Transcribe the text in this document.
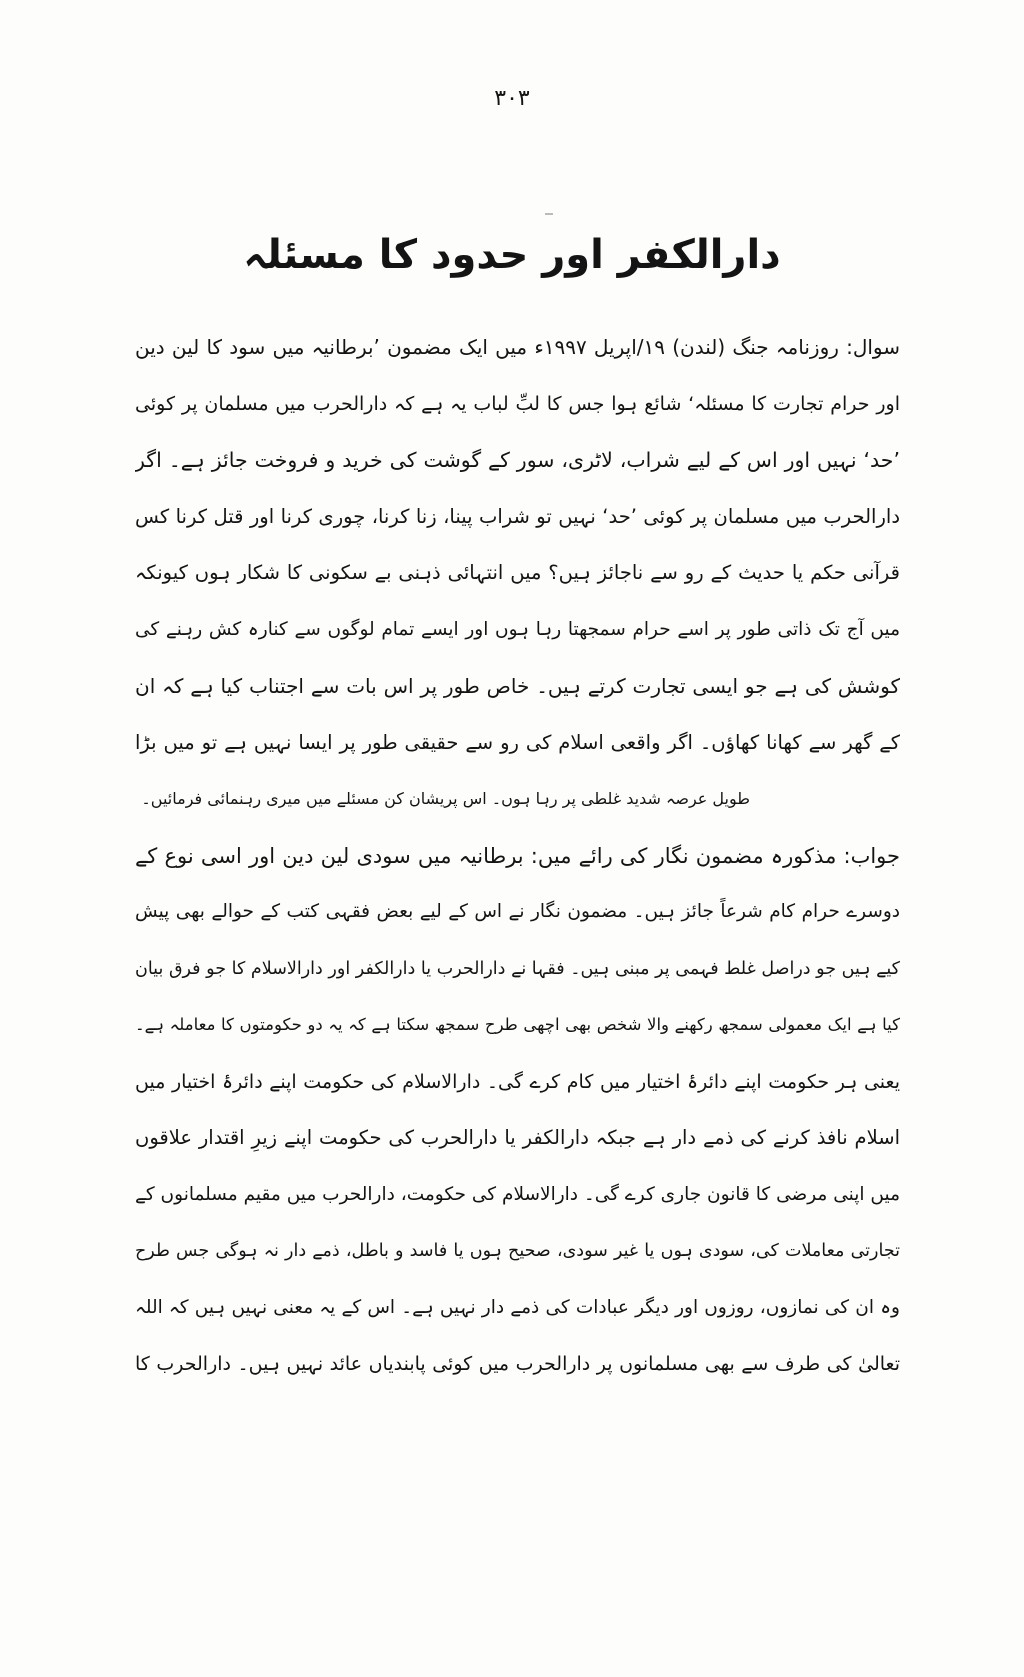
۳۰۳
دارالکفر اور حدود کا مسئلہ
سوال: روزنامہ جنگ (لندن) ۱۹/اپریل ۱۹۹۷ء میں ایک مضمون ’برطانیہ میں سود کا لین دین
اور حرام تجارت کا مسئلہ‘ شائع ہوا جس کا لبِّ لباب یہ ہے کہ دارالحرب میں مسلمان پر کوئی
’حد‘ نہیں اور اس کے لیے شراب، لاٹری، سور کے گوشت کی خرید و فروخت جائز ہے۔ اگر
دارالحرب میں مسلمان پر کوئی ’حد‘ نہیں تو شراب پینا، زنا کرنا، چوری کرنا اور قتل کرنا کس
قرآنی حکم یا حدیث کے رو سے ناجائز ہیں؟ میں انتہائی ذہنی بے سکونی کا شکار ہوں کیونکہ
میں آج تک ذاتی طور پر اسے حرام سمجھتا رہا ہوں اور ایسے تمام لوگوں سے کنارہ کش رہنے کی
کوشش کی ہے جو ایسی تجارت کرتے ہیں۔ خاص طور پر اس بات سے اجتناب کیا ہے کہ ان
کے گھر سے کھانا کھاؤں۔ اگر واقعی اسلام کی رو سے حقیقی طور پر ایسا نہیں ہے تو میں بڑا
طویل عرصہ شدید غلطی پر رہا ہوں۔ اس پریشان کن مسئلے میں میری رہنمائی فرمائیں۔
جواب: مذکورہ مضمون نگار کی رائے میں: برطانیہ میں سودی لین دین اور اسی نوع کے
دوسرے حرام کام شرعاً جائز ہیں۔ مضمون نگار نے اس کے لیے بعض فقہی کتب کے حوالے بھی پیش
کیے ہیں جو دراصل غلط فہمی پر مبنی ہیں۔ فقہا نے دارالحرب یا دارالکفر اور دارالاسلام کا جو فرق بیان
کیا ہے ایک معمولی سمجھ رکھنے والا شخص بھی اچھی طرح سمجھ سکتا ہے کہ یہ دو حکومتوں کا معاملہ ہے۔
یعنی ہر حکومت اپنے دائرۂ اختیار میں کام کرے گی۔ دارالاسلام کی حکومت اپنے دائرۂ اختیار میں
اسلام نافذ کرنے کی ذمے دار ہے جبکہ دارالکفر یا دارالحرب کی حکومت اپنے زیرِ اقتدار علاقوں
میں اپنی مرضی کا قانون جاری کرے گی۔ دارالاسلام کی حکومت، دارالحرب میں مقیم مسلمانوں کے
تجارتی معاملات کی، سودی ہوں یا غیر سودی، صحیح ہوں یا فاسد و باطل، ذمے دار نہ ہوگی جس طرح
وہ ان کی نمازوں، روزوں اور دیگر عبادات کی ذمے دار نہیں ہے۔ اس کے یہ معنی نہیں ہیں کہ اللہ
تعالیٰ کی طرف سے بھی مسلمانوں پر دارالحرب میں کوئی پابندیاں عائد نہیں ہیں۔ دارالحرب کا
